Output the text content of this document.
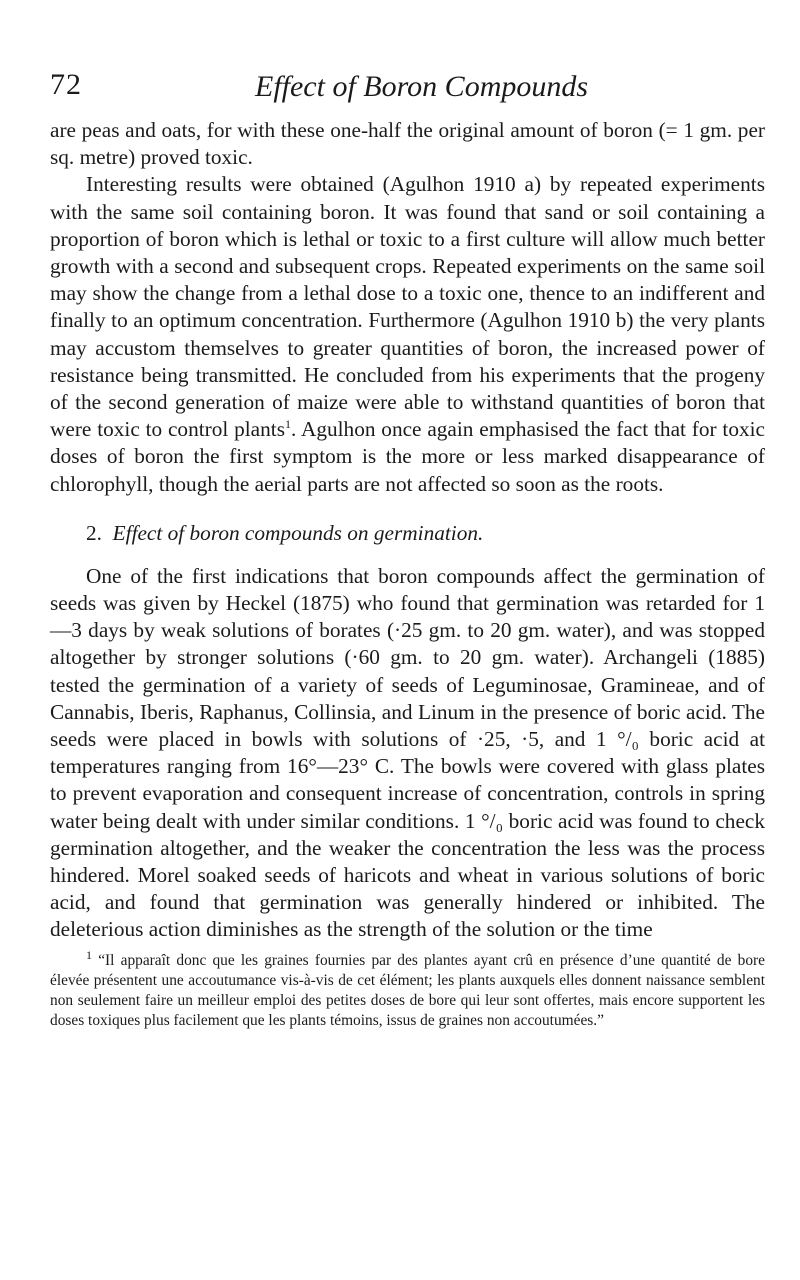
72	Effect of Boron Compounds

are peas and oats, for with these one-half the original amount of boron (= 1 gm. per sq. metre) proved toxic.

Interesting results were obtained (Agulhon 1910 a) by repeated experiments with the same soil containing boron. It was found that sand or soil containing a proportion of boron which is lethal or toxic to a first culture will allow much better growth with a second and subsequent crops. Repeated experiments on the same soil may show the change from a lethal dose to a toxic one, thence to an indifferent and finally to an optimum concentration. Furthermore (Agulhon 1910 b) the very plants may accustom themselves to greater quantities of boron, the increased power of resistance being transmitted. He concluded from his experiments that the progeny of the second generation of maize were able to withstand quantities of boron that were toxic to control plants$^1$. Agulhon once again emphasised the fact that for toxic doses of boron the first symptom is the more or less marked disappearance of chlorophyll, though the aerial parts are not affected so soon as the roots.

2. Effect of boron compounds on germination.

One of the first indications that boron compounds affect the germination of seeds was given by Heckel (1875) who found that germination was retarded for 1—3 days by weak solutions of borates (·25 gm. to 20 gm. water), and was stopped altogether by stronger solutions (·60 gm. to 20 gm. water). Archangeli (1885) tested the germination of a variety of seeds of Leguminosae, Gramineae, and of Cannabis, Iberis, Raphanus, Collinsia, and Linum in the presence of boric acid. The seeds were placed in bowls with solutions of ·25, ·5, and 1 °/₀ boric acid at temperatures ranging from 16°—23° C. The bowls were covered with glass plates to prevent evaporation and consequent increase of concentration, controls in spring water being dealt with under similar conditions. 1 °/₀ boric acid was found to check germination altogether, and the weaker the concentration the less was the process hindered. Morel soaked seeds of haricots and wheat in various solutions of boric acid, and found that germination was generally hindered or inhibited. The deleterious action diminishes as the strength of the solution or the time

$^1$ “Il apparaît donc que les graines fournies par des plantes ayant crû en présence d’une quantité de bore élevée présentent une accoutumance vis-à-vis de cet élément; les plants auxquels elles donnent naissance semblent non seulement faire un meilleur emploi des petites doses de bore qui leur sont offertes, mais encore supportent les doses toxiques plus facilement que les plants témoins, issus de graines non accoutumées.”
